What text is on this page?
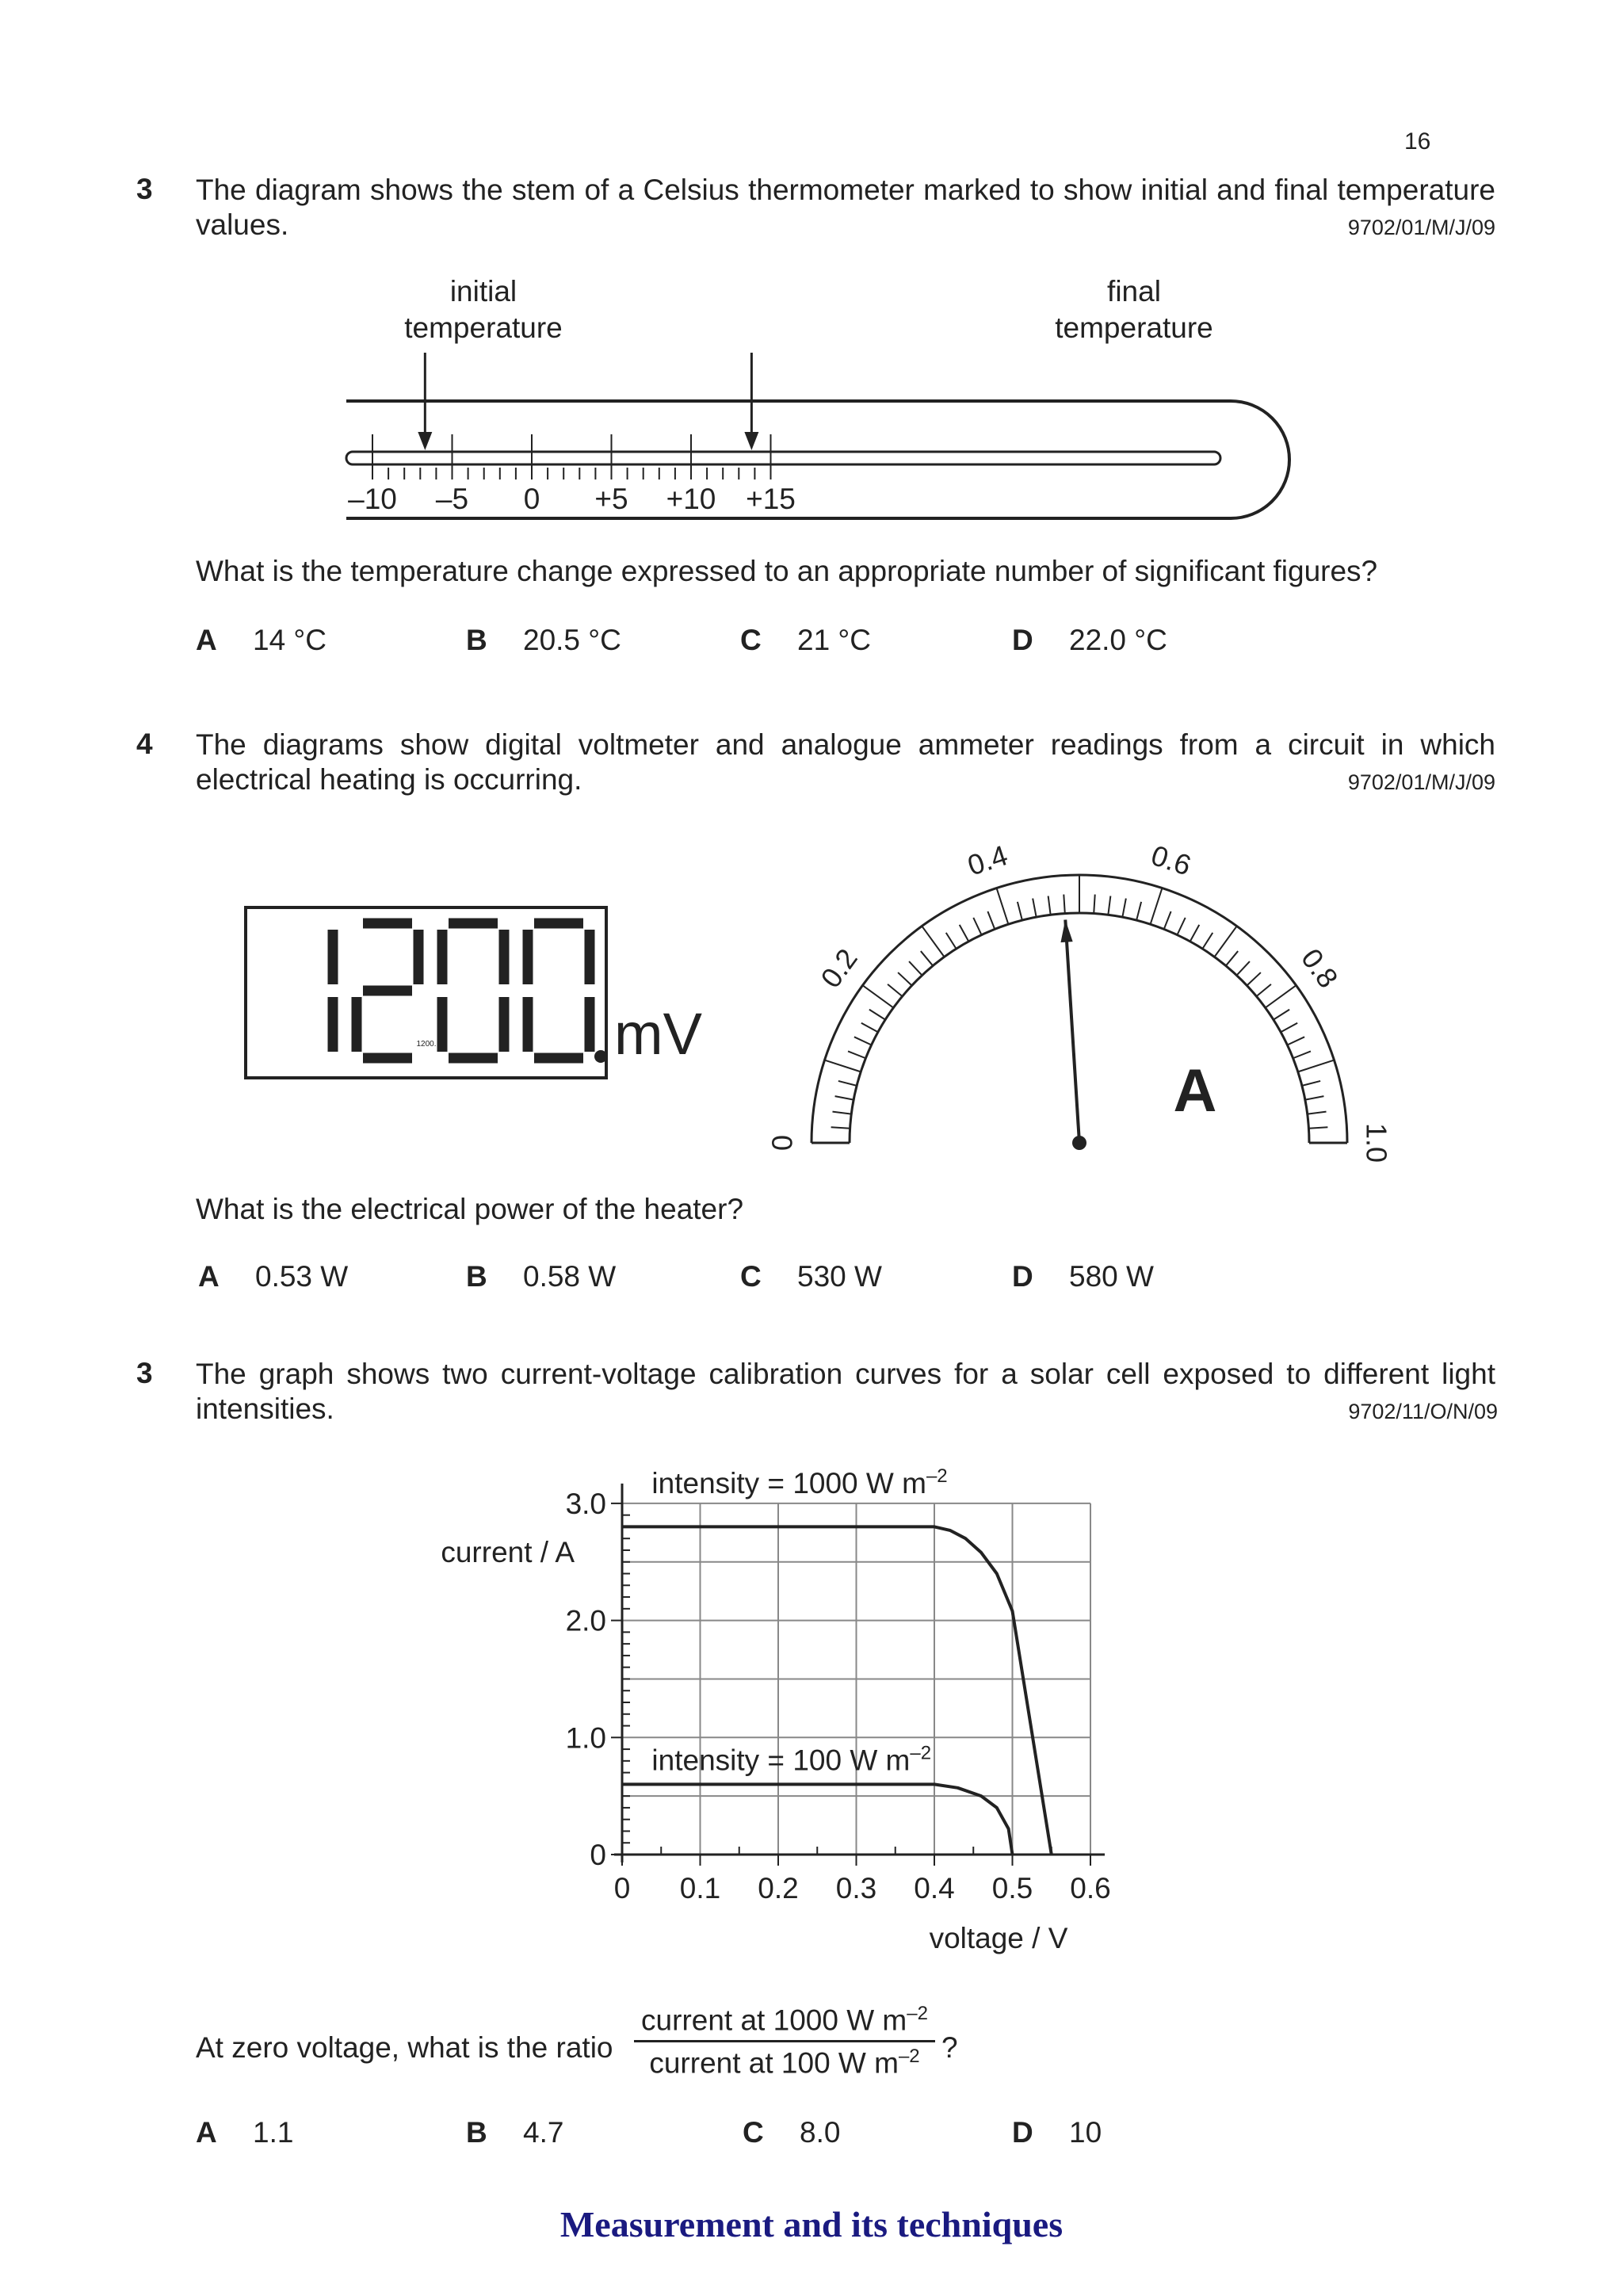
16
3 The diagram shows the stem of a Celsius thermometer marked to show initial and final temperature values.	9702/01/M/J/09
initial
temperature
final
temperature
–10 –5 0 +5 +10 +15
What is the temperature change expressed to an appropriate number of significant figures?
A 14 °C	B 20.5 °C	C 21 °C	D 22.0 °C
4 The diagrams show digital voltmeter and analogue ammeter readings from a circuit in which electrical heating is occurring.	9702/01/M/J/09
1200.	mV
0
0.2
0.4	0.6
0.8
1.0
A
What is the electrical power of the heater?
A 0.53 W	B 0.58 W	C 530 W	D 580 W
3 The graph shows two current-voltage calibration curves for a solar cell exposed to different light intensities.	9702/11/O/N/09
0
1.0
2.0
3.0
0 0.1 0.2 0.3 0.4 0.5 0.6
current / A
voltage / V
intensity = 1000 W $m^{-2}$
intensity = 100 W $m^{-2}$
At zero voltage, what is the ratio
current at 1000 W $m^{-2}$
current at 100 W $m^{-2}$ ?
A 1.1	B 4.7	C 8.0	D 10
Measurement and its techniques
